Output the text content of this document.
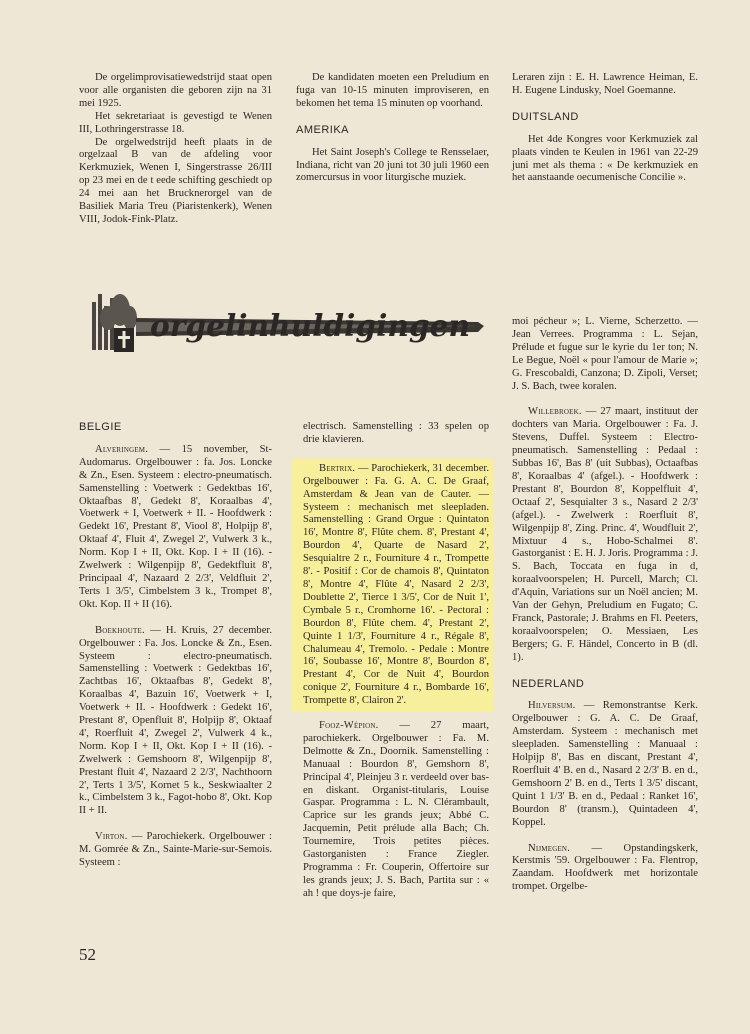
De orgelimprovisatiewedstrijd staat open voor alle organisten die geboren zijn na 31 mei 1925.

Het sekretariaat is gevestigd te Wenen III, Lothringerstrasse 18.

De orgelwedstrijd heeft plaats in de orgelzaal B van de afdeling voor Kerkmuziek, Wenen I, Singerstrasse 26/III op 23 mei en de t eede schifting geschiedt op 24 mei aan het Brucknerorgel van de Basiliek Maria Treu (Piaristenkerk), Wenen VIII, Jodok-Fink-Platz.

De kandidaten moeten een Preludium en fuga van 10-15 minuten improviseren, en bekomen het tema 15 minuten op voorhand.

AMERIKA

Het Saint Joseph's College te Rensselaer, Indiana, richt van 20 juni tot 30 juli 1960 een zomercursus in voor liturgische muziek.

Leraren zijn : E. H. Lawrence Heiman, E. H. Eugene Lindusky, Noel Goemanne.

DUITSLAND

Het 4de Kongres voor Kerkmuziek zal plaats vinden te Keulen in 1961 van 22-29 juni met als thema : « De kerkmuziek en het aanstaande oecumenische Concilie ».

orgelinhuldigingen
BELGIE

Alveringem. — 15 november, St-Audomarus. Orgelbouwer : fa. Jos. Loncke & Zn., Esen. Systeem : electro-pneumatisch. Samenstelling : Voetwerk : Gedektbas 16', Oktaafbas 8', Gedekt 8', Koraalbas 4', Voetwerk + I, Voetwerk + II. - Hoofdwerk : Gedekt 16', Prestant 8', Viool 8', Holpijp 8', Oktaaf 4', Fluit 4', Zwegel 2', Vulwerk 3 k., Norm. Kop I + II, Okt. Kop. I + II (16). - Zwelwerk : Wilgenpijp 8', Gedektfluit 8', Principaal 4', Nazaard 2 2/3', Veldfluit 2', Terts 1 3/5', Cimbelstem 3 k., Trompet 8', Okt. Kop. II + II (16).

Boekhoute. — H. Kruis, 27 december. Orgelbouwer : Fa. Jos. Loncke & Zn., Esen. Systeem : electro-pneumatisch. Samenstelling : Voetwerk : Gedektbas 16', Zachtbas 16', Oktaafbas 8', Gedekt 8', Koraalbas 4', Bazuin 16', Voetwerk + I, Voetwerk + II. - Hoofdwerk : Gedekt 16', Prestant 8', Openfluit 8', Holpijp 8', Oktaaf 4', Roerfluit 4', Zwegel 2', Vulwerk 4 k., Norm. Kop I + II, Okt. Kop I + II (16). - Zwelwerk : Gemshoorn 8', Wilgenpijp 8', Prestant fluit 4', Nazaard 2 2/3', Nachthoorn 2', Terts 1 3/5', Kornet 5 k., Seskwiaalter 2 k., Cimbelstem 3 k., Fagot-hobo 8', Okt. Kop II + II.

Virton. — Parochiekerk. Orgelbouwer : M. Gomrée & Zn., Sainte-Marie-sur-Semois. Systeem :

electrisch. Samenstelling : 33 spelen op drie klavieren.

Bertrix. — Parochiekerk, 31 december. Orgelbouwer : Fa. G. A. C. De Graaf, Amsterdam & Jean van de Cauter. — Systeem : mechanisch met sleepladen. Samenstelling : Grand Orgue : Quintaton 16', Montre 8', Flûte chem. 8', Prestant 4', Bourdon 4', Quarte de Nasard 2', Sesquialtre 2 r., Fourniture 4 r., Trompette 8'. - Positif : Cor de chamois 8', Quintaton 8', Montre 4', Flûte 4', Nasard 2 2/3', Doublette 2', Tierce 1 3/5', Cor de Nuit 1', Cymbale 5 r., Cromhorne 16'. - Pectoral : Bourdon 8', Flûte chem. 4', Prestant 2', Quinte 1 1/3', Fourniture 4 r., Régale 8', Chalumeau 4', Tremolo. - Pedale : Montre 16', Soubasse 16', Montre 8', Bourdon 8', Prestant 4', Cor de Nuit 4', Bourdon conique 2', Fourniture 4 r., Bombarde 16', Trompette 8', Clairon 2'.

Fooz-Wépion. — 27 maart, parochiekerk. Orgelbouwer : Fa. M. Delmotte & Zn., Doornik. Samenstelling : Manuaal : Bourdon 8', Gemshorn 8', Principal 4', Pleinjeu 3 r. verdeeld over bas- en diskant. Organist-titularis, Louise Gaspar. Programma : L. N. Clérambault, Caprice sur les grands jeux; Abbé C. Jacquemin, Petit prélude alla Bach; Ch. Tournemire, Trois petites pièces. Gastorganisten : France Ziegler. Programma : Fr. Couperin, Offertoire sur les grands jeux; J. S. Bach, Partita sur : « ah ! que doys-je faire,

moi pécheur »; L. Vierne, Scherzetto. — Jean Verrees. Programma : L. Sejan, Prélude et fugue sur le kyrie du 1er ton; N. Le Begue, Noël « pour l'amour de Marie »; G. Frescobaldi, Canzona; D. Zipoli, Verset; J. S. Bach, twee koralen.

Willebroek. — 27 maart, instituut der dochters van Maria. Orgelbouwer : Fa. J. Stevens, Duffel. Systeem : Electro-pneumatisch. Samenstelling : Pedaal : Subbas 16', Bas 8' (uit Subbas), Octaafbas 8', Koraalbas 4' (afgel.). - Hoofdwerk : Prestant 8', Bourdon 8', Koppelfluit 4', Octaaf 2', Sesquialter 3 s., Nasard 2 2/3' (afgel.). - Zwelwerk : Roerfluit 8', Wilgenpijp 8', Zing. Princ. 4', Woudfluit 2', Mixtuur 4 s., Hobo-Schalmei 8'. Gastorganist : E. H. J. Joris. Programma : J. S. Bach, Toccata en fuga in d, koraalvoorspelen; H. Purcell, March; Cl. d'Aquin, Variations sur un Noël ancien; M. Van der Gehyn, Preludium en Fugato; C. Franck, Pastorale; J. Brahms en Fl. Peeters, koraalvoorspelen; O. Messiaen, Les Bergers; G. F. Händel, Concerto in B (dl. 1).

NEDERLAND

Hilversum. — Remonstrantse Kerk. Orgelbouwer : G. A. C. De Graaf, Amsterdam. Systeem : mechanisch met sleepladen. Samenstelling : Manuaal : Holpijp 8', Bas en discant, Prestant 4', Roerfluit 4' B. en d., Nasard 2 2/3' B. en d., Gemshoorn 2' B. en d., Terts 1 3/5' discant, Quint 1 1/3' B. en d., Pedaal : Ranket 16', Bourdon 8' (transm.), Quintadeen 4', Koppel.

Nijmegen. — Opstandingskerk, Kerstmis '59. Orgelbouwer : Fa. Flentrop, Zaandam. Hoofdwerk met horizontale trompet. Orgelbe-

52
